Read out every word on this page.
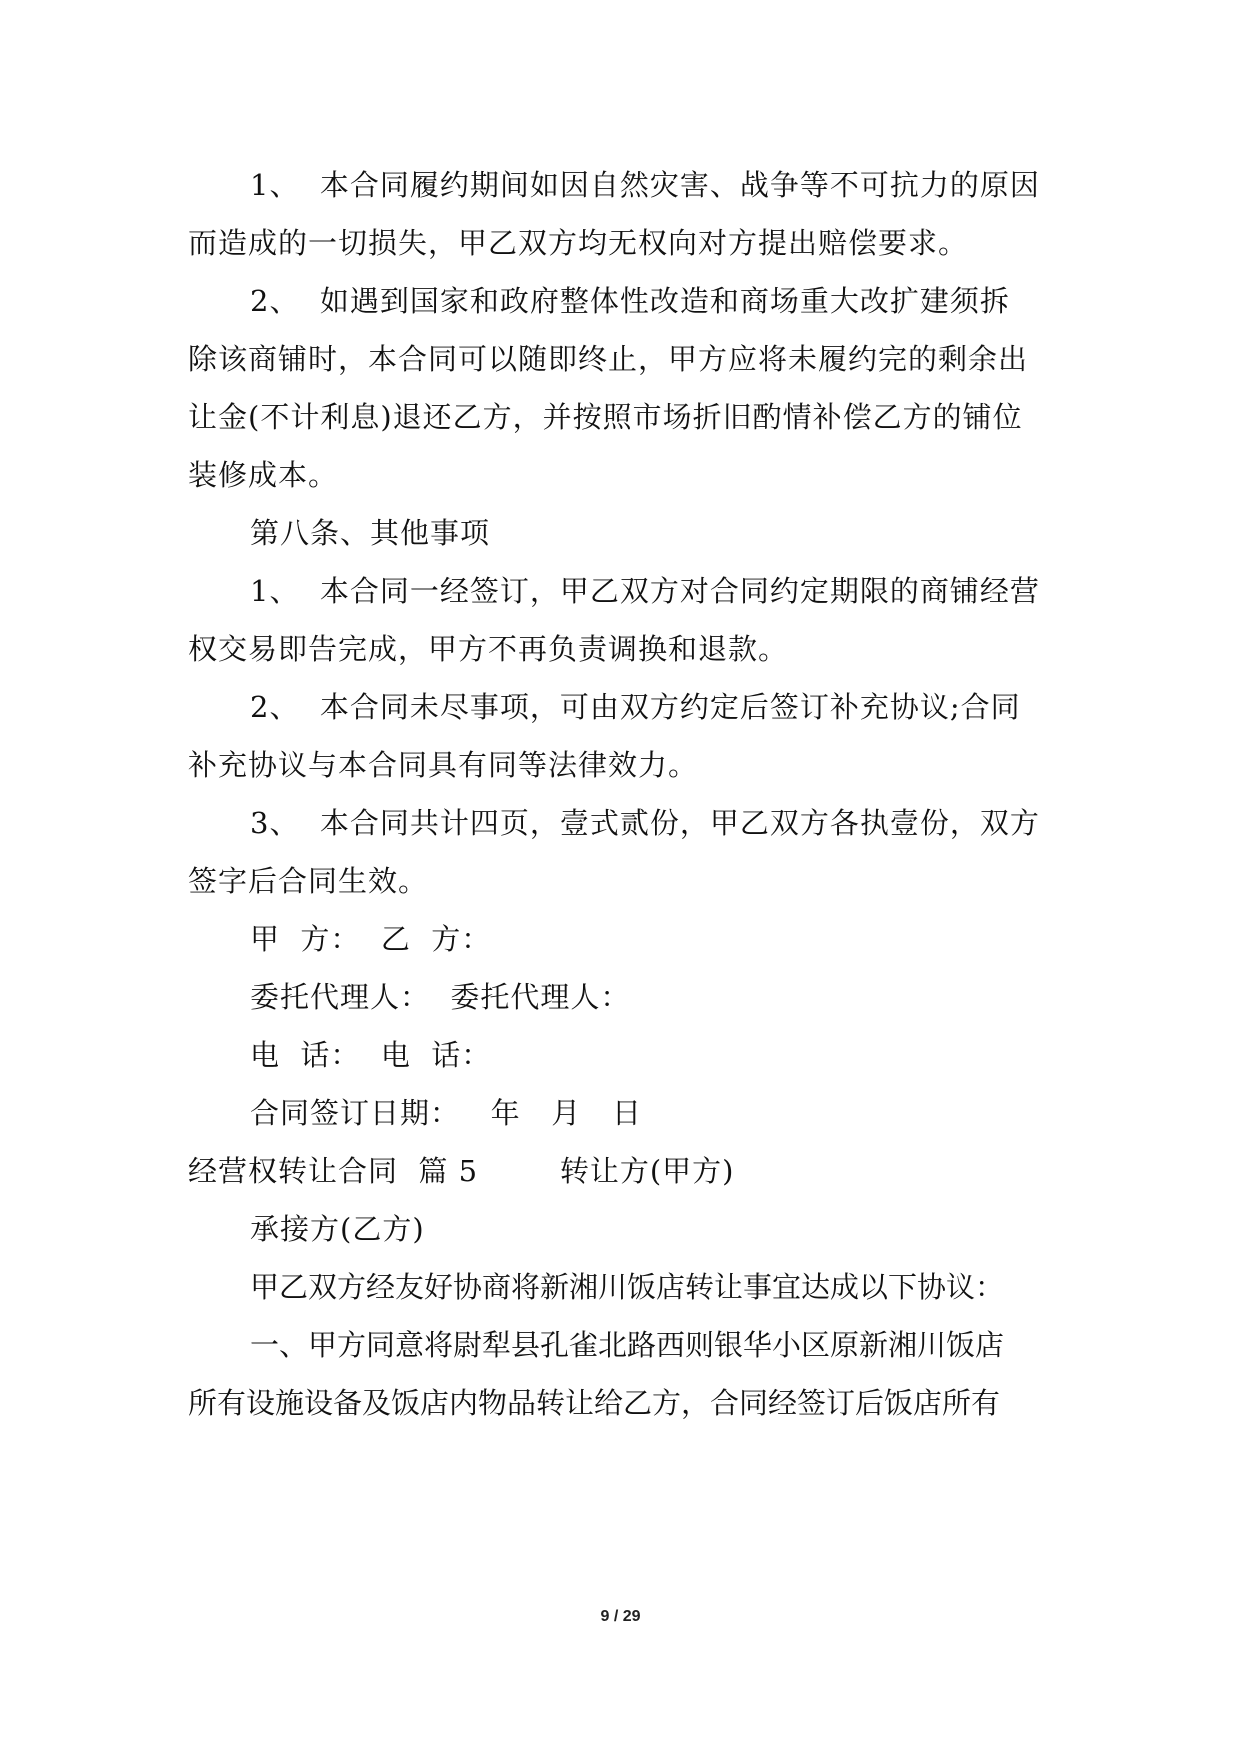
1、  本合同履约期间如因自然灾害、战争等不可抗力的原因
而造成的一切损失，甲乙双方均无权向对方提出赔偿要求。
2、  如遇到国家和政府整体性改造和商场重大改扩建须拆
除该商铺时，本合同可以随即终止，甲方应将未履约完的剩余出
让金(不计利息)退还乙方，并按照市场折旧酌情补偿乙方的铺位
装修成本。
第八条、其他事项
1、  本合同一经签订，甲乙双方对合同约定期限的商铺经营
权交易即告完成，甲方不再负责调换和退款。
2、  本合同未尽事项，可由双方约定后签订补充协议;合同
补充协议与本合同具有同等法律效力。
3、  本合同共计四页，壹式贰份，甲乙双方各执壹份，双方
签字后合同生效。
甲  方：  乙  方：
委托代理人：  委托代理人：
电  话：  电  话：
合同签订日期：   年   月   日
经营权转让合同  篇 5        转让方(甲方)
承接方(乙方)
甲乙双方经友好协商将新湘川饭店转让事宜达成以下协议：
一、甲方同意将尉犁县孔雀北路西则银华小区原新湘川饭店
所有设施设备及饭店内物品转让给乙方，合同经签订后饭店所有
9 / 29
